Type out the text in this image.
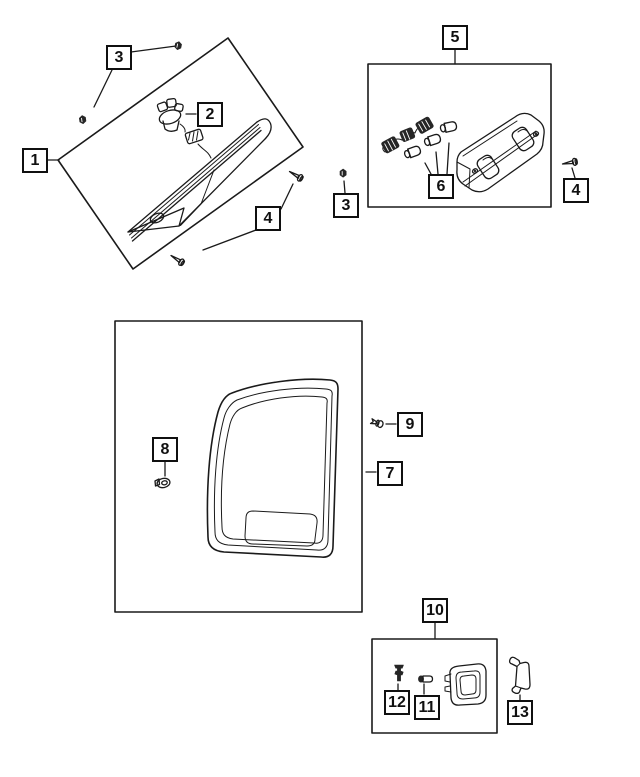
1
3
2
4
5
3
6	4
8
9
7
10
12 11	13
